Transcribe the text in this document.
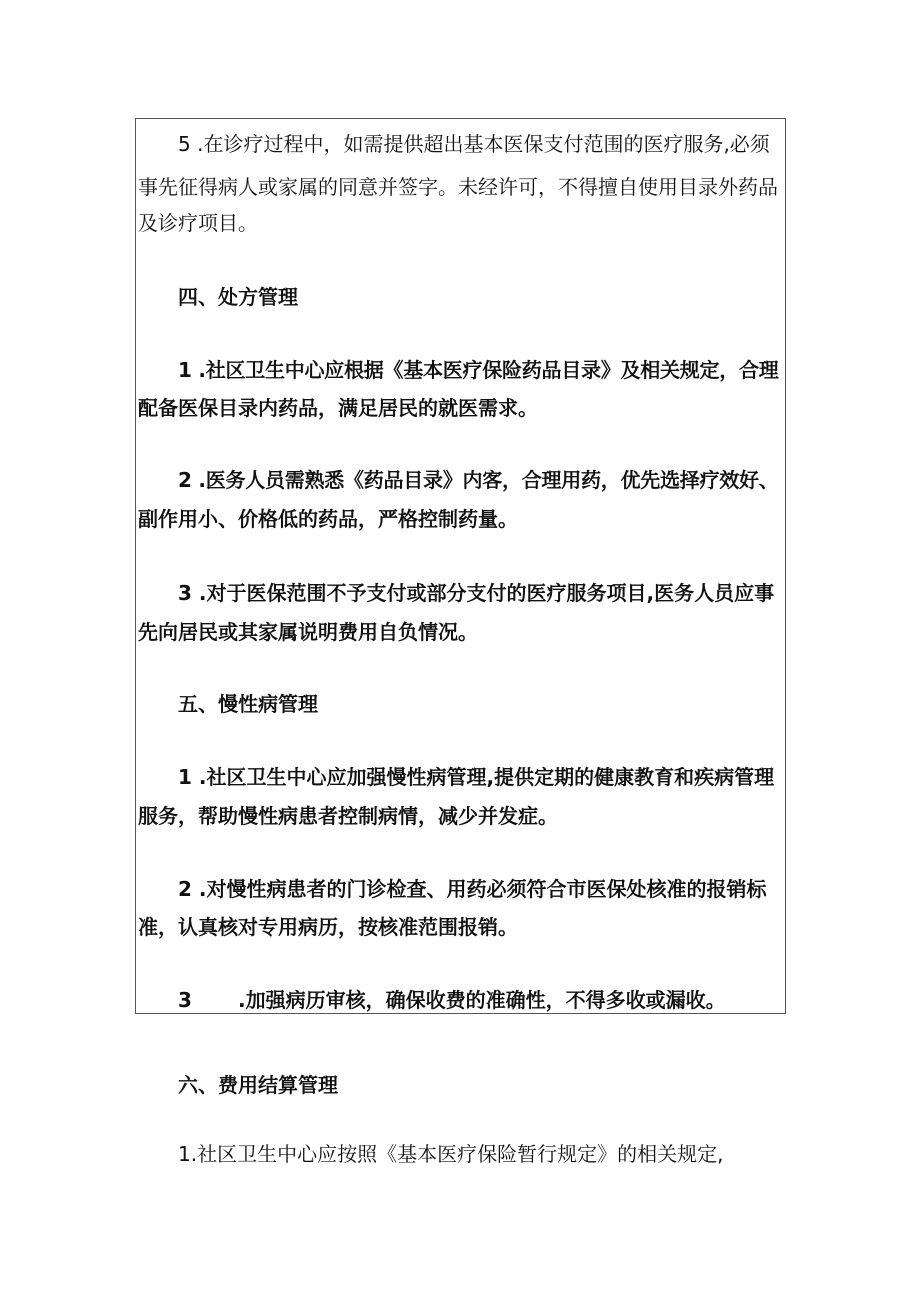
5 .在诊疗过程中，如需提供超出基本医保支付范围的医疗服务,必须
事先征得病人或家属的同意并签字。未经许可，不得擅自使用目录外药品
及诊疗项目。
四、处方管理
1 .社区卫生中心应根据《基本医疗保险药品目录》及相关规定，合理
配备医保目录内药品，满足居民的就医需求。
2 .医务人员需熟悉《药品目录》内客，合理用药，优先选择疗效好、
副作用小、价格低的药品，严格控制药量。
3 .对于医保范围不予支付或部分支付的医疗服务项目,医务人员应事
先向居民或其家属说明费用自负情况。
五、慢性病管理
1 .社区卫生中心应加强慢性病管理,提供定期的健康教育和疾病管理
服务，帮助慢性病患者控制病情，减少并发症。
2 .对慢性病患者的门诊检查、用药必须符合市医保处核准的报销标
准，认真核对专用病历，按核准范围报销。
3 .加强病历审核，确保收费的准确性，不得多收或漏收。
六、费用结算管理
1.社区卫生中心应按照《基本医疗保险暂行规定》的相关规定,
